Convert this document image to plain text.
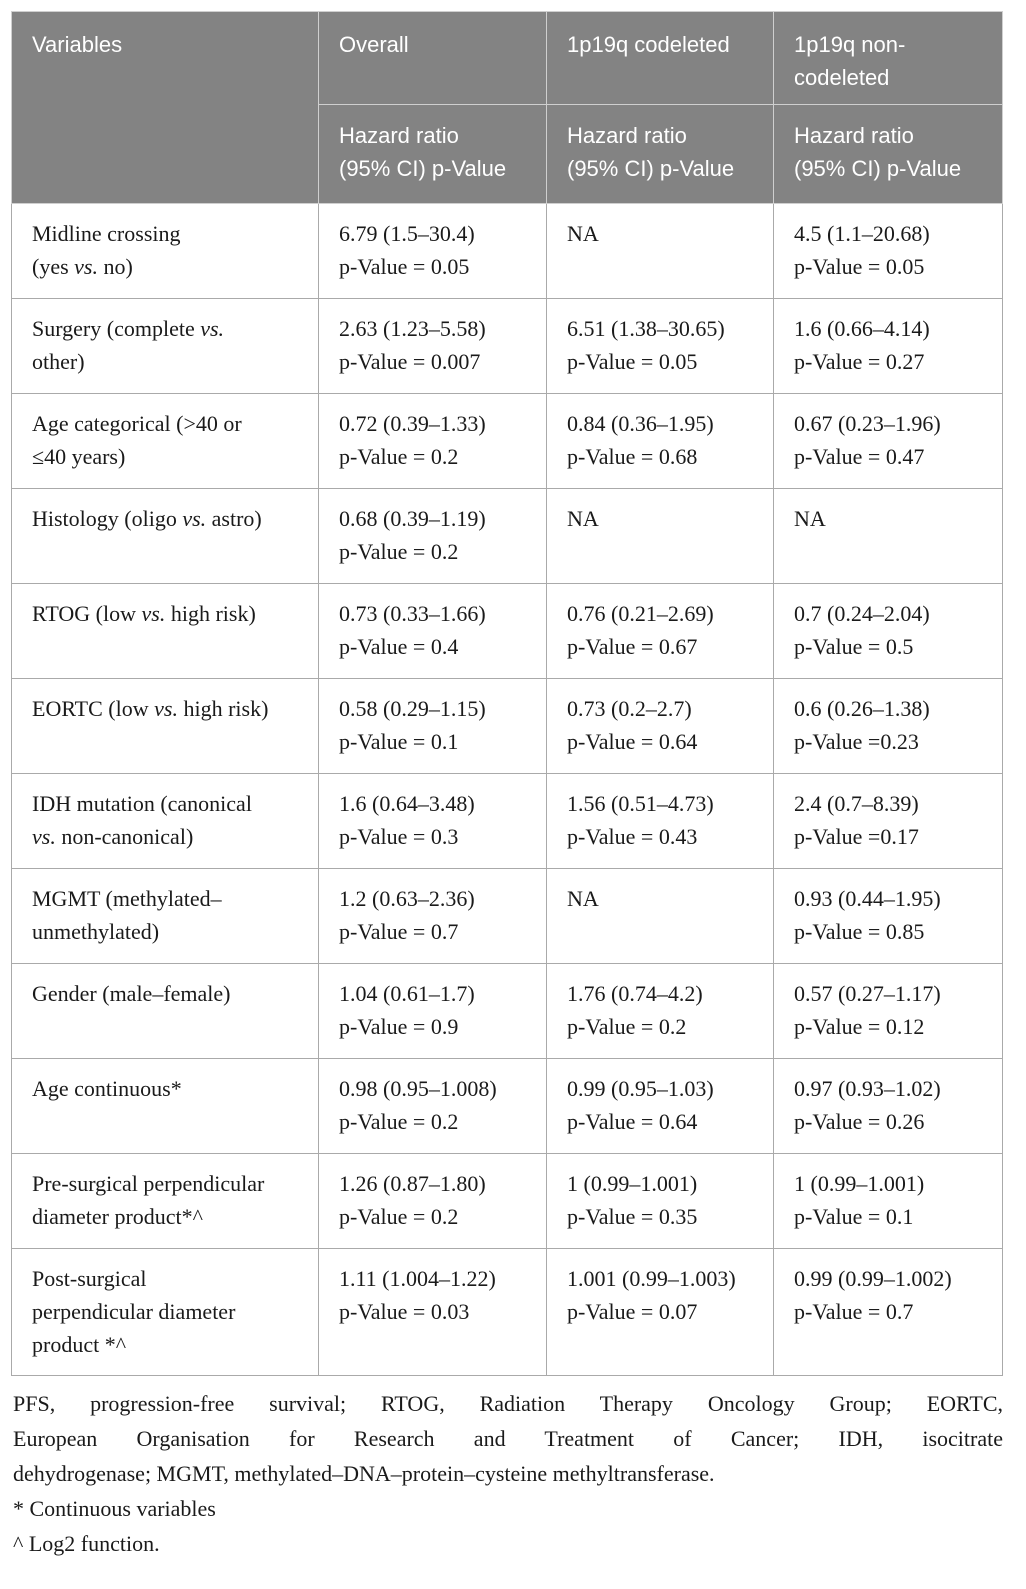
Variables	Overall	1p19q codeleted	1p19q non-
codeleted

	Hazard ratio
(95% CI) p-Value	Hazard ratio
(95% CI) p-Value	Hazard ratio
(95% CI) p-Value

Midline crossing
(yes vs. no)	6.79 (1.5–30.4)
p-Value = 0.05	NA	4.5 (1.1–20.68)
p-Value = 0.05

Surgery (complete vs.
other)	2.63 (1.23–5.58)
p-Value = 0.007	6.51 (1.38–30.65)
p-Value = 0.05	1.6 (0.66–4.14)
p-Value = 0.27

Age categorical (>40 or
≤40 years)	0.72 (0.39–1.33)
p-Value = 0.2	0.84 (0.36–1.95)
p-Value = 0.68	0.67 (0.23–1.96)
p-Value = 0.47

Histology (oligo vs. astro)	0.68 (0.39–1.19)
p-Value = 0.2	NA	NA

RTOG (low vs. high risk)	0.73 (0.33–1.66)
p-Value = 0.4	0.76 (0.21–2.69)
p-Value = 0.67	0.7 (0.24–2.04)
p-Value = 0.5

EORTC (low vs. high risk)	0.58 (0.29–1.15)
p-Value = 0.1	0.73 (0.2–2.7)
p-Value = 0.64	0.6 (0.26–1.38)
p-Value =0.23

IDH mutation (canonical
vs. non-canonical)	1.6 (0.64–3.48)
p-Value = 0.3	1.56 (0.51–4.73)
p-Value = 0.43	2.4 (0.7–8.39)
p-Value =0.17

MGMT (methylated–
unmethylated)	1.2 (0.63–2.36)
p-Value = 0.7	NA	0.93 (0.44–1.95)
p-Value = 0.85

Gender (male–female)	1.04 (0.61–1.7)
p-Value = 0.9	1.76 (0.74–4.2)
p-Value = 0.2	0.57 (0.27–1.17)
p-Value = 0.12

Age continuous*	0.98 (0.95–1.008)
p-Value = 0.2	0.99 (0.95–1.03)
p-Value = 0.64	0.97 (0.93–1.02)
p-Value = 0.26

Pre-surgical perpendicular
diameter product*^	1.26 (0.87–1.80)
p-Value = 0.2	1 (0.99–1.001)
p-Value = 0.35	1 (0.99–1.001)
p-Value = 0.1

Post-surgical
perpendicular diameter
product *^	1.11 (1.004–1.22)
p-Value = 0.03	1.001 (0.99–1.003)
p-Value = 0.07	0.99 (0.99–1.002)
p-Value = 0.7
PFS, progression-free survival; RTOG, Radiation Therapy Oncology Group; EORTC,
European Organisation for Research and Treatment of Cancer; IDH, isocitrate
dehydrogenase; MGMT, methylated–DNA–protein–cysteine methyltransferase.
* Continuous variables
^ Log2 function.
